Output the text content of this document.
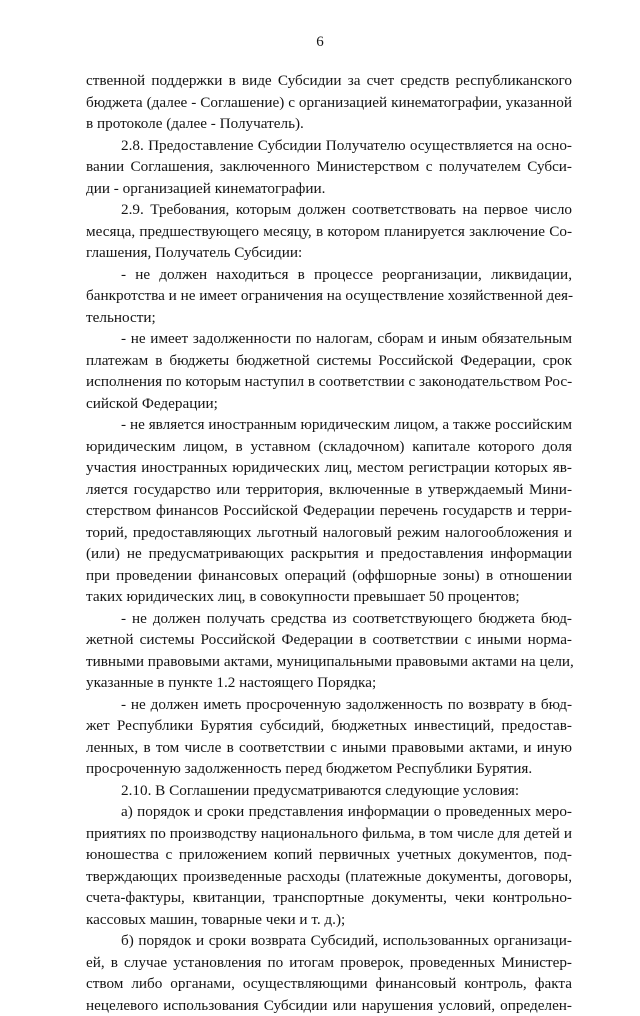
6
ственной поддержки в виде Субсидии за счет средств республиканского
бюджета (далее - Соглашение) с организацией кинематографии, указанной
в протоколе (далее - Получатель).
2.8. Предоставление Субсидии Получателю осуществляется на осно-
вании Соглашения, заключенного Министерством с получателем Субси-
дии - организацией кинематографии.
2.9. Требования, которым должен соответствовать на первое число
месяца, предшествующего месяцу, в котором планируется заключение Со-
глашения, Получатель Субсидии:
- не должен находиться в процессе реорганизации, ликвидации,
банкротства и не имеет ограничения на осуществление хозяйственной дея-
тельности;
- не имеет задолженности по налогам, сборам и иным обязательным
платежам в бюджеты бюджетной системы Российской Федерации, срок
исполнения по которым наступил в соответствии с законодательством Рос-
сийской Федерации;
- не является иностранным юридическим лицом, а также российским
юридическим лицом, в уставном (складочном) капитале которого доля
участия иностранных юридических лиц, местом регистрации которых яв-
ляется государство или территория, включенные в утверждаемый Мини-
стерством финансов Российской Федерации перечень государств и терри-
торий, предоставляющих льготный налоговый режим налогообложения и
(или) не предусматривающих раскрытия и предоставления информации
при проведении финансовых операций (оффшорные зоны) в отношении
таких юридических лиц, в совокупности превышает 50 процентов;
- не должен получать средства из соответствующего бюджета бюд-
жетной системы Российской Федерации в соответствии с иными норма-
тивными правовыми актами, муниципальными правовыми актами на цели,
указанные в пункте 1.2 настоящего Порядка;
- не должен иметь просроченную задолженность по возврату в бюд-
жет Республики Бурятия субсидий, бюджетных инвестиций, предостав-
ленных, в том числе в соответствии с иными правовыми актами, и иную
просроченную задолженность перед бюджетом Республики Бурятия.
2.10. В Соглашении предусматриваются следующие условия:
а) порядок и сроки представления информации о проведенных меро-
приятиях по производству национального фильма, в том числе для детей и
юношества с приложением копий первичных учетных документов, под-
тверждающих произведенные расходы (платежные документы, договоры,
счета-фактуры, квитанции, транспортные документы, чеки контрольно-
кассовых машин, товарные чеки и т. д.);
б) порядок и сроки возврата Субсидий, использованных организаци-
ей, в случае установления по итогам проверок, проведенных Министер-
ством либо органами, осуществляющими финансовый контроль, факта
нецелевого использования Субсидии или нарушения условий, определен-
